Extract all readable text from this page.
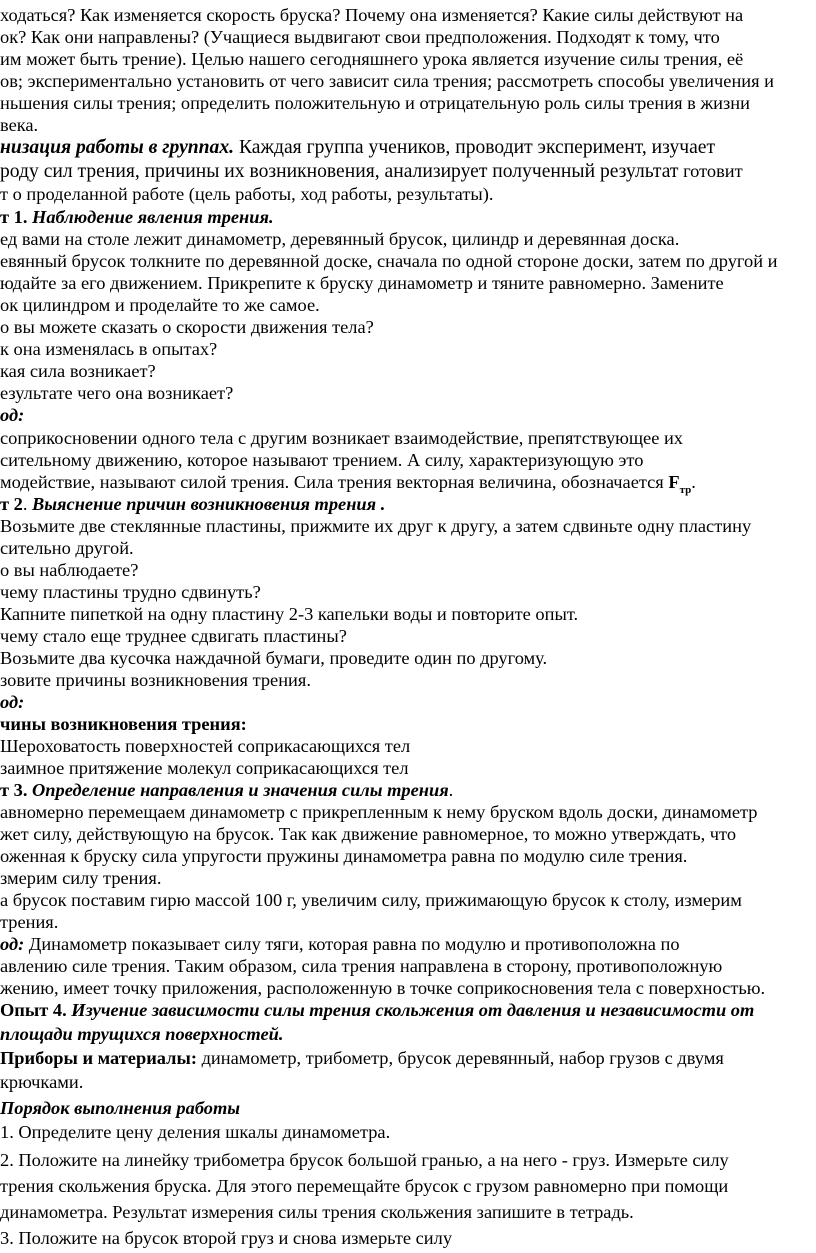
ходаться? Как изменяется скорость бруска? Почему она изменяется? Какие силы действуют на
ок? Как они направлены? (Учащиеся выдвигают свои предположения. Подходят к тому, что
им может быть трение). Целью нашего сегодняшнего урока является изучение силы трения, её
ов; экспериментально установить от чего зависит сила трения; рассмотреть способы увеличения и
ньшения силы трения; определить положительную и отрицательную роль силы трения в жизни
века.
низация работы в группах. Каждая группа учеников, проводит эксперимент, изучает
роду сил трения, причины их возникновения, анализирует полученный результат готовит
т о проделанной работе (цель работы, ход работы, результаты).
т 1. Наблюдение явления трения.
ед вами на столе лежит динамометр, деревянный брусок, цилиндр и деревянная доска.
евянный брусок толкните по деревянной доске, сначала по одной стороне доски, затем по другой и
юдайте за его движением. Прикрепите к бруску динамометр и тяните равномерно. Замените
ок цилиндром и проделайте то же самое.
о вы можете сказать о скорости движения тела?
к она изменялась в опытах?
кая сила возникает?
езультате чего она возникает?
од:
соприкосновении одного тела с другим возникает взаимодействие, препятствующее их
сительному движению, которое называют трением. А силу, характеризующую это
модействие, называют силой трения. Сила трения векторная величина, обозначается $F_{тр}$.
т 2. Выяснение причин возникновения трения .
Возьмите две стеклянные пластины, прижмите их друг к другу, а затем сдвиньте одну пластину
сительно другой.
о вы наблюдаете?
чему пластины трудно сдвинуть?
Капните пипеткой на одну пластину 2-3 капельки воды и повторите опыт.
чему стало еще труднее сдвигать пластины?
Возьмите два кусочка наждачной бумаги, проведите один по другому.
зовите причины возникновения трения.
од:
чины возникновения трения:
Шероховатость поверхностей соприкасающихся тел
заимное притяжение молекул соприкасающихся тел
т 3. Определение направления и значения силы трения.
авномерно перемещаем динамометр с прикрепленным к нему бруском вдоль доски, динамометр
жет силу, действующую на брусок. Так как движение равномерное, то можно утверждать, что
оженная к бруску сила упругости пружины динамометра равна по модулю силе трения.
змерим силу трения.
а брусок поставим гирю массой 100 г, увеличим силу, прижимающую брусок к столу, измерим
трения.
од: Динамометр показывает силу тяги, которая равна по модулю и противоположна по
авлению силе трения. Таким образом, сила трения направлена в сторону, противоположную
жению, имеет точку приложения, расположенную в точке соприкосновения тела с поверхностью.
Опыт 4. Изучение зависимости силы трения скольжения от давления и независимости от
площади трущихся поверхностей.
Приборы и материалы: динамометр, трибометр, брусок деревянный, набор грузов с двумя
крючками.
Порядок выполнения работы
1. Определите цену деления шкалы динамометра.
2. Положите на линейку трибометра брусок большой гранью, а на него - груз. Измерьте силу
трения скольжения бруска. Для этого перемещайте брусок с грузом равномерно при помощи
динамометра. Результат измерения силы трения скольжения запишите в тетрадь.
3. Положите на брусок второй груз и снова измерьте силу
